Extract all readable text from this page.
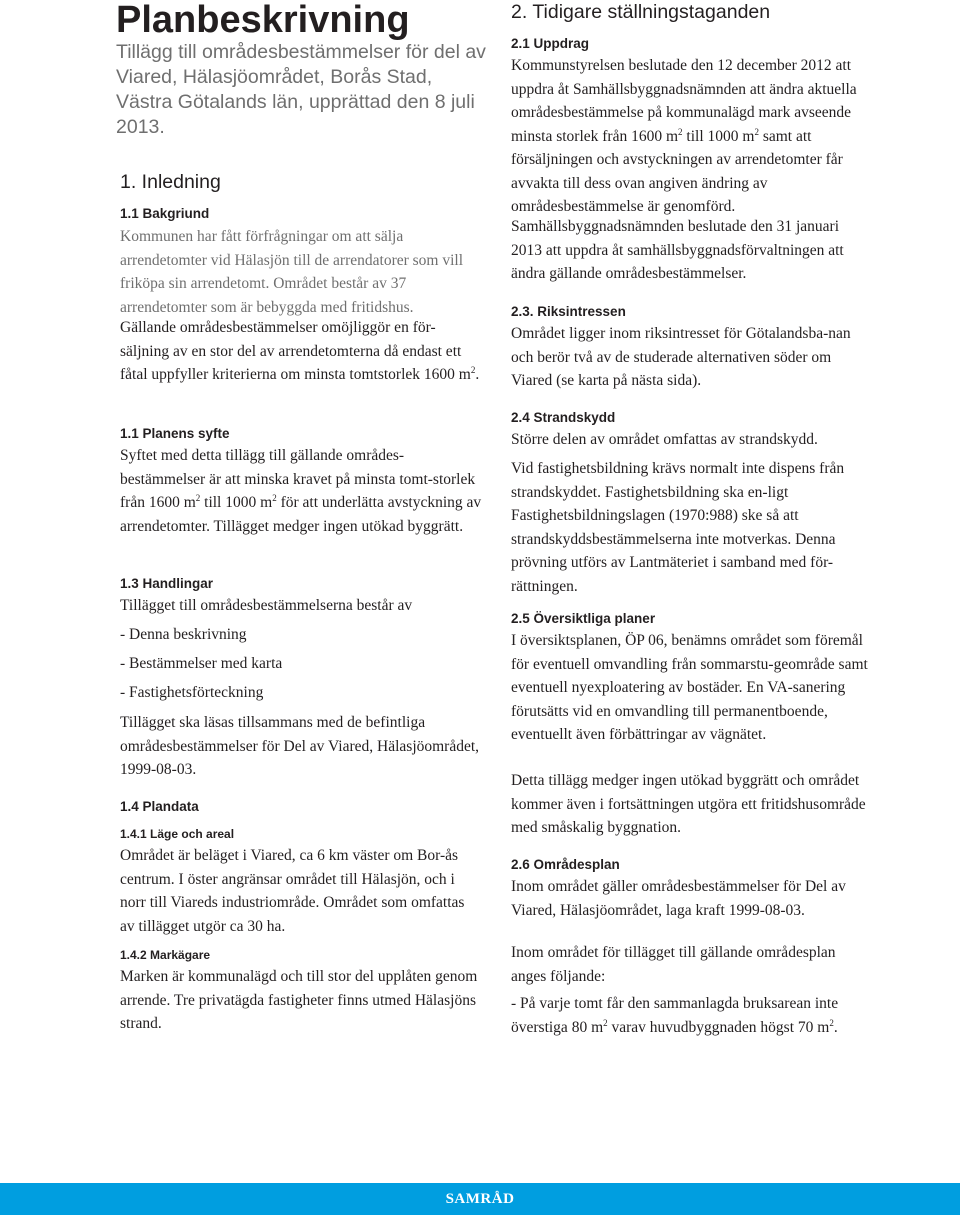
Planbeskrivning
Tillägg till områdesbestämmelser för del av Viared, Hälasjöområdet, Borås Stad, Västra Götalands län, upprättad den 8 juli 2013.
1. Inledning
1.1 Bakgriund
Kommunen har fått förfrågningar om att sälja arrendetomter vid Hälasjön till de arrendatorer som vill friköpa sin arrendetomt. Området består av 37 arrendetomter som är bebyggda med fritidshus.
Gällande områdesbestämmelser omöjliggör en för-säljning av en stor del av arrendetomterna då endast ett fåtal uppfyller kriterierna om minsta tomtstorlek 1600 $m^2$.
1.1 Planens syfte
Syftet med detta tillägg till gällande områdes-bestämmelser är att minska kravet på minsta tomt-storlek från 1600 $m^2$ till 1000 $m^2$ för att underlätta avstyckning av arrendetomter. Tillägget medger ingen utökad byggrätt.
1.3 Handlingar
Tillägget till områdesbestämmelserna består av
- Denna beskrivning
- Bestämmelser med karta
- Fastighetsförteckning
Tillägget ska läsas tillsammans med de befintliga områdesbestämmelser för Del av Viared, Hälasjöområdet, 1999-08-03.
1.4 Plandata
1.4.1 Läge och areal
Området är beläget i Viared, ca 6 km väster om Bor-ås centrum. I öster angränsar området till Hälasjön, och i norr till Viareds industriområde. Området som omfattas av tillägget utgör ca 30 ha.
1.4.2 Markägare
Marken är kommunalägd och till stor del upplåten genom arrende. Tre privatägda fastigheter finns utmed Hälasjöns strand.
2. Tidigare ställningstaganden
2.1 Uppdrag
Kommunstyrelsen beslutade den 12 december 2012 att uppdra åt Samhällsbyggnadsnämnden att ändra aktuella områdesbestämmelse på kommunalägd mark avseende minsta storlek från 1600 $m^2$ till 1000 $m^2$ samt att försäljningen och avstyckningen av arrendetomter får avvakta till dess ovan angiven ändring av områdesbestämmelse är genomförd.
Samhällsbyggnadsnämnden beslutade den 31 januari 2013 att uppdra åt samhällsbyggnadsförvaltningen att ändra gällande områdesbestämmelser.
2.3. Riksintressen
Området ligger inom riksintresset för Götalandsba-nan och berör två av de studerade alternativen söder om Viared (se karta på nästa sida).
2.4 Strandskydd
Större delen av området omfattas av strandskydd.
Vid fastighetsbildning krävs normalt inte dispens från strandskyddet. Fastighetsbildning ska en-ligt Fastighetsbildningslagen (1970:988) ske så att strandskyddsbestämmelserna inte motverkas. Denna prövning utförs av Lantmäteriet i samband med för-rättningen.
2.5 Översiktliga planer
I översiktsplanen, ÖP 06, benämns området som föremål för eventuell omvandling från sommarstu-geområde samt eventuell nyexploatering av bostäder. En VA-sanering förutsätts vid en omvandling till permanentboende, eventuellt även förbättringar av vägnätet.
Detta tillägg medger ingen utökad byggrätt och området kommer även i fortsättningen utgöra ett fritidshusområde med småskalig byggnation.
2.6 Områdesplan
Inom området gäller områdesbestämmelser för Del av Viared, Hälasjöområdet, laga kraft 1999-08-03.
Inom området för tillägget till gällande områdesplan anges följande:
- På varje tomt får den sammanlagda bruksarean inte överstiga 80 $m^2$ varav huvudbyggnaden högst 70 $m^2$.
SAMRÅD
